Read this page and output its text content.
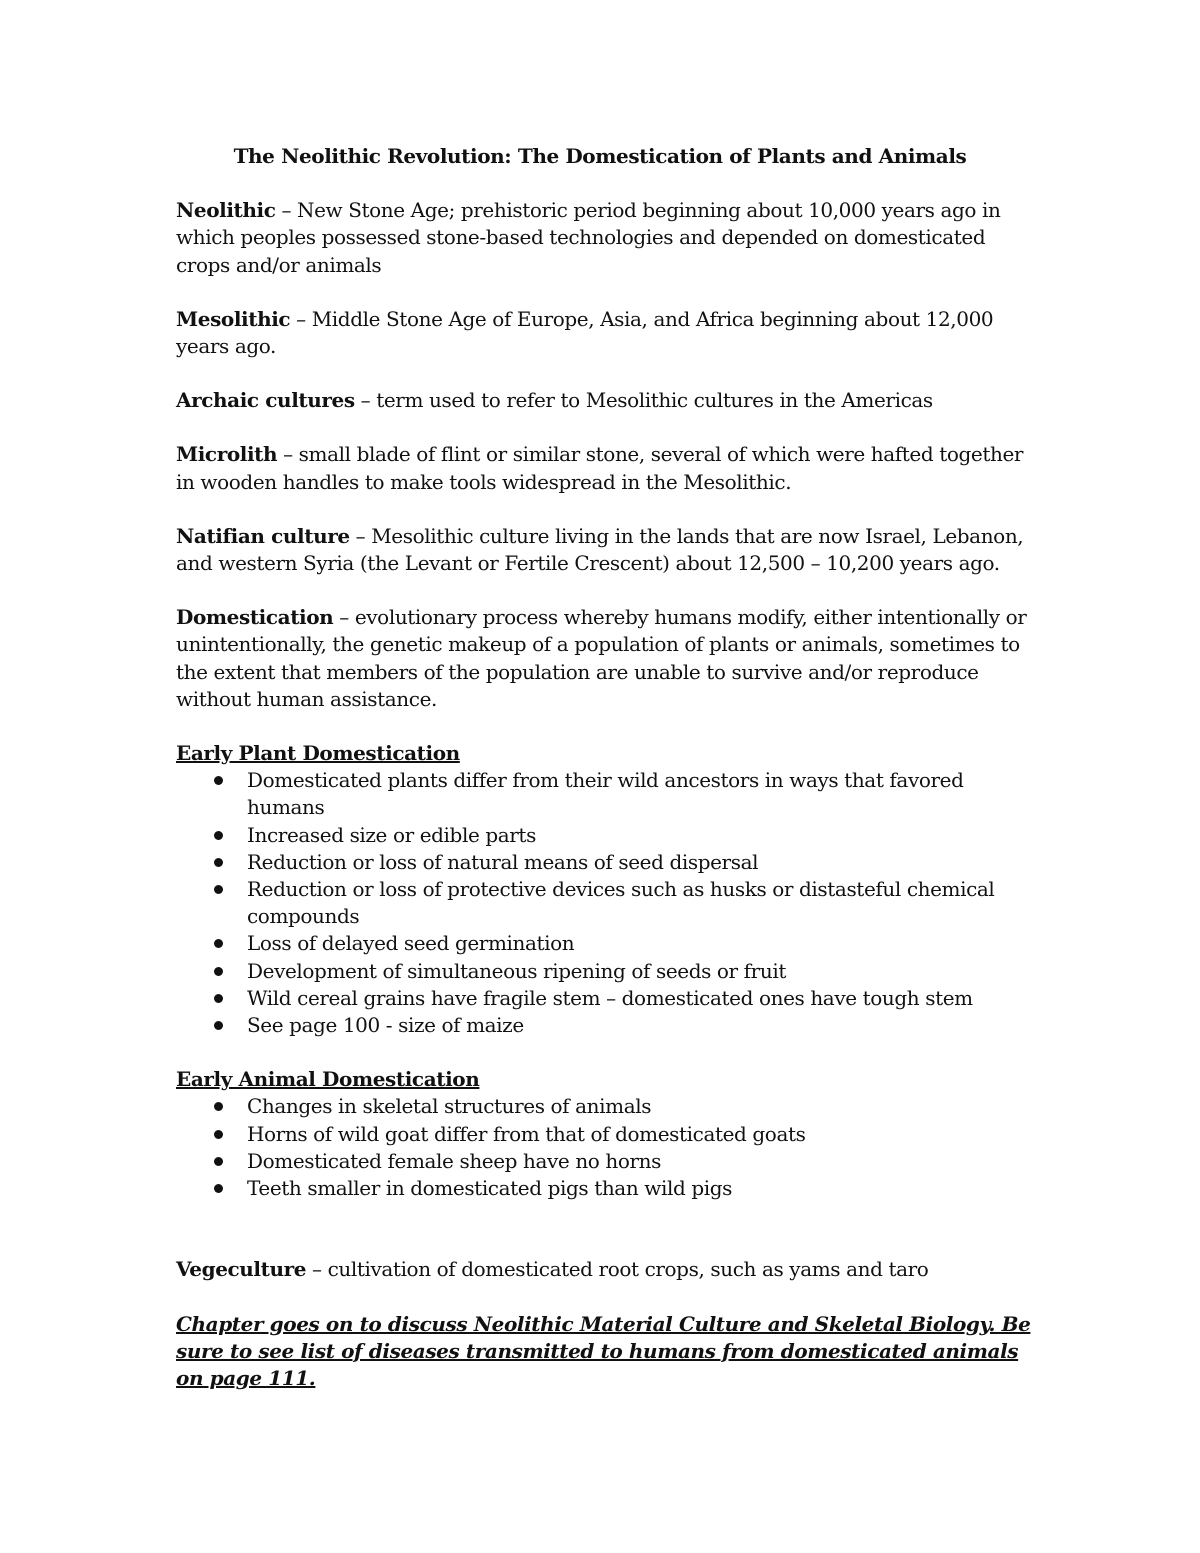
The Neolithic Revolution: The Domestication of Plants and Animals
Neolithic – New Stone Age; prehistoric period beginning about 10,000 years ago in which peoples possessed stone-based technologies and depended on domesticated crops and/or animals
Mesolithic – Middle Stone Age of Europe, Asia, and Africa beginning about 12,000 years ago.
Archaic cultures – term used to refer to Mesolithic cultures in the Americas
Microlith – small blade of flint or similar stone, several of which were hafted together in wooden handles to make tools widespread in the Mesolithic.
Natifian culture – Mesolithic culture living in the lands that are now Israel, Lebanon, and western Syria (the Levant or Fertile Crescent) about 12,500 – 10,200 years ago.
Domestication – evolutionary process whereby humans modify, either intentionally or unintentionally, the genetic makeup of a population of plants or animals, sometimes to the extent that members of the population are unable to survive and/or reproduce without human assistance.
Early Plant Domestication
Domesticated plants differ from their wild ancestors in ways that favored humans
Increased size or edible parts
Reduction or loss of natural means of seed dispersal
Reduction or loss of protective devices such as husks or distasteful chemical compounds
Loss of delayed seed germination
Development of simultaneous ripening of seeds or fruit
Wild cereal grains have fragile stem – domesticated ones have tough stem
See page 100 - size of maize
Early Animal Domestication
Changes in skeletal structures of animals
Horns of wild goat differ from that of domesticated goats
Domesticated female sheep have no horns
Teeth smaller in domesticated pigs than wild pigs
Vegeculture – cultivation of domesticated root crops, such as yams and taro
Chapter goes on to discuss Neolithic Material Culture and Skeletal Biology. Be sure to see list of diseases transmitted to humans from domesticated animals on page 111.
